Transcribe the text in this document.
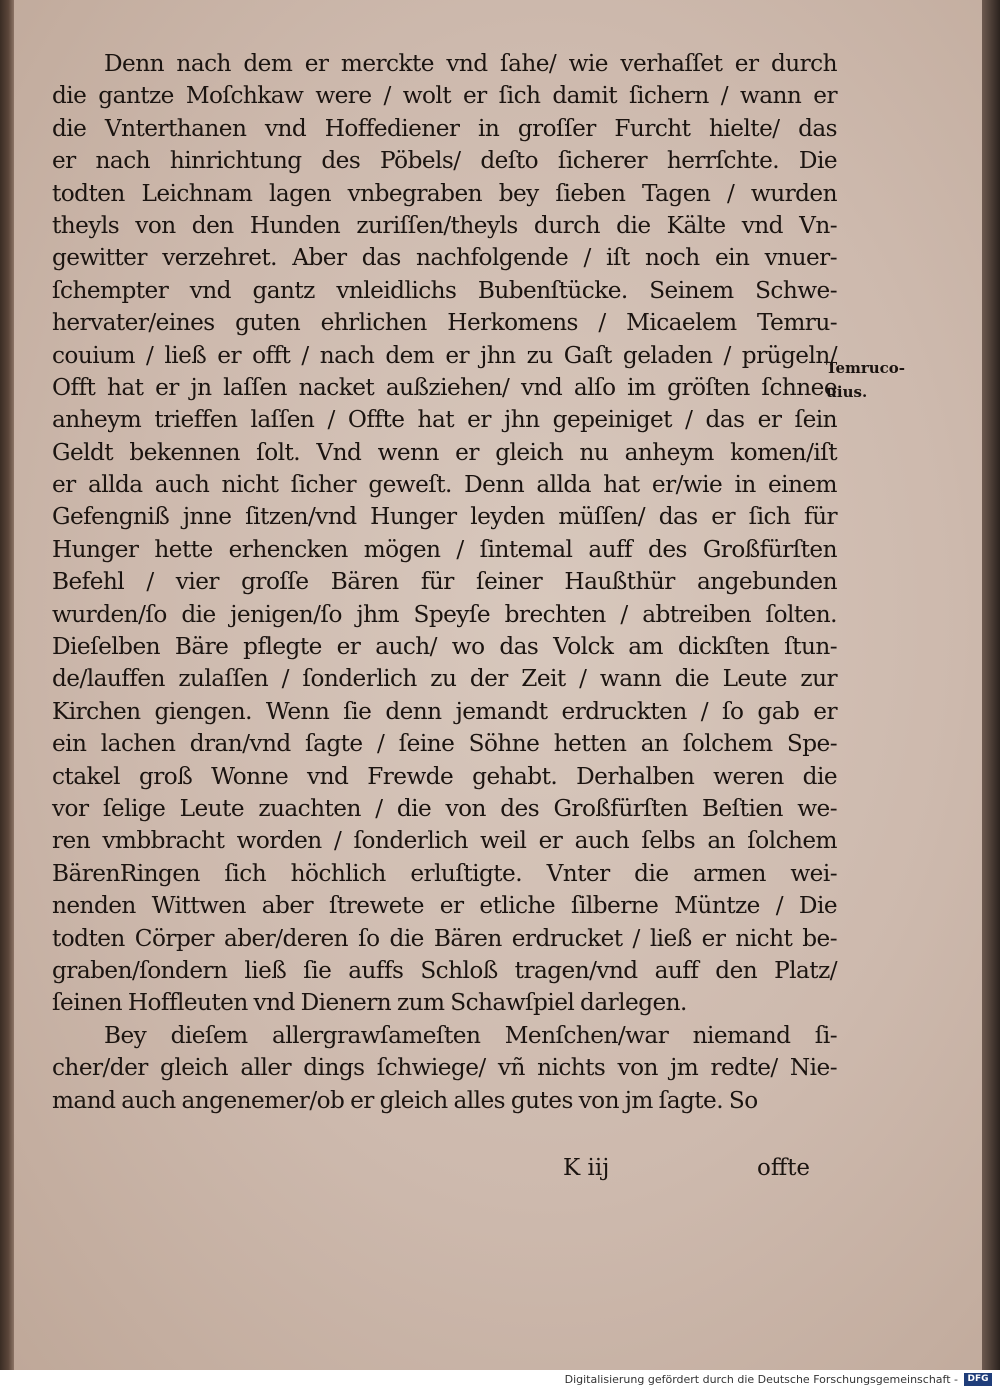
Denn nach dem er merckte vnd ſahe/ wie verhaſſet er durch
die gantze Moſchkaw were / wolt er ſich damit ſichern / wann er
die Vnterthanen vnd Hoffediener in groſſer Furcht hielte/ das
er nach hinrichtung des Pöbels/ deſto ſicherer herrſchte. Die
todten Leichnam lagen vnbegraben bey ſieben Tagen / wurden
theyls von den Hunden zuriſſen/theyls durch die Kälte vnd Vn-
gewitter verzehret. Aber das nachfolgende / iſt noch ein vnuer-
ſchempter vnd gantz vnleidlichs Bubenſtücke. Seinem Schwe-
hervater/eines guten ehrlichen Herkomens / Micaelem Temru-
couium / ließ er offt / nach dem er jhn zu Gaſt geladen / prügeln/
Offt hat er jn laſſen nacket außziehen/ vnd alſo im gröſten ſchnee
anheym trieffen laſſen / Offte hat er jhn gepeiniget / das er ſein
Geldt bekennen ſolt. Vnd wenn er gleich nu anheym komen/iſt
er allda auch nicht ſicher geweſt. Denn allda hat er/wie in einem
Gefengniß jnne ſitzen/vnd Hunger leyden müſſen/ das er ſich für
Hunger hette erhencken mögen / ſintemal auff des Großfürſten
Befehl / vier groſſe Bären für ſeiner Haußthür angebunden
wurden/ſo die jenigen/ſo jhm Speyſe brechten / abtreiben ſolten.
Dieſelben Bäre pflegte er auch/ wo das Volck am dickſten ſtun-
de/lauffen zulaſſen / ſonderlich zu der Zeit / wann die Leute zur
Kirchen giengen. Wenn ſie denn jemandt erdruckten / ſo gab er
ein lachen dran/vnd ſagte / ſeine Söhne hetten an ſolchem Spe-
ctakel groß Wonne vnd Frewde gehabt. Derhalben weren die
vor ſelige Leute zuachten / die von des Großfürſten Beſtien we-
ren vmbbracht worden / ſonderlich weil er auch ſelbs an ſolchem
BärenRingen ſich höchlich erluſtigte. Vnter die armen wei-
nenden Wittwen aber ſtrewete er etliche ſilberne Müntze / Die
todten Cörper aber/deren ſo die Bären erdrucket / ließ er nicht be-
graben/ſondern ließ ſie auffs Schloß tragen/vnd auff den Platz/
ſeinen Hoffleuten vnd Dienern zum Schawſpiel darlegen.
Bey dieſem allergrawſameſten Menſchen/war niemand ſi-
cher/der gleich aller dings ſchwiege/ vñ nichts von jm redte/ Nie-
mand auch angenemer/ob er gleich alles gutes von jm ſagte. So
Temruco-
uius.
K iij	offte
Digitalisierung gefördert durch die Deutsche Forschungsgemeinschaft -	DFG
